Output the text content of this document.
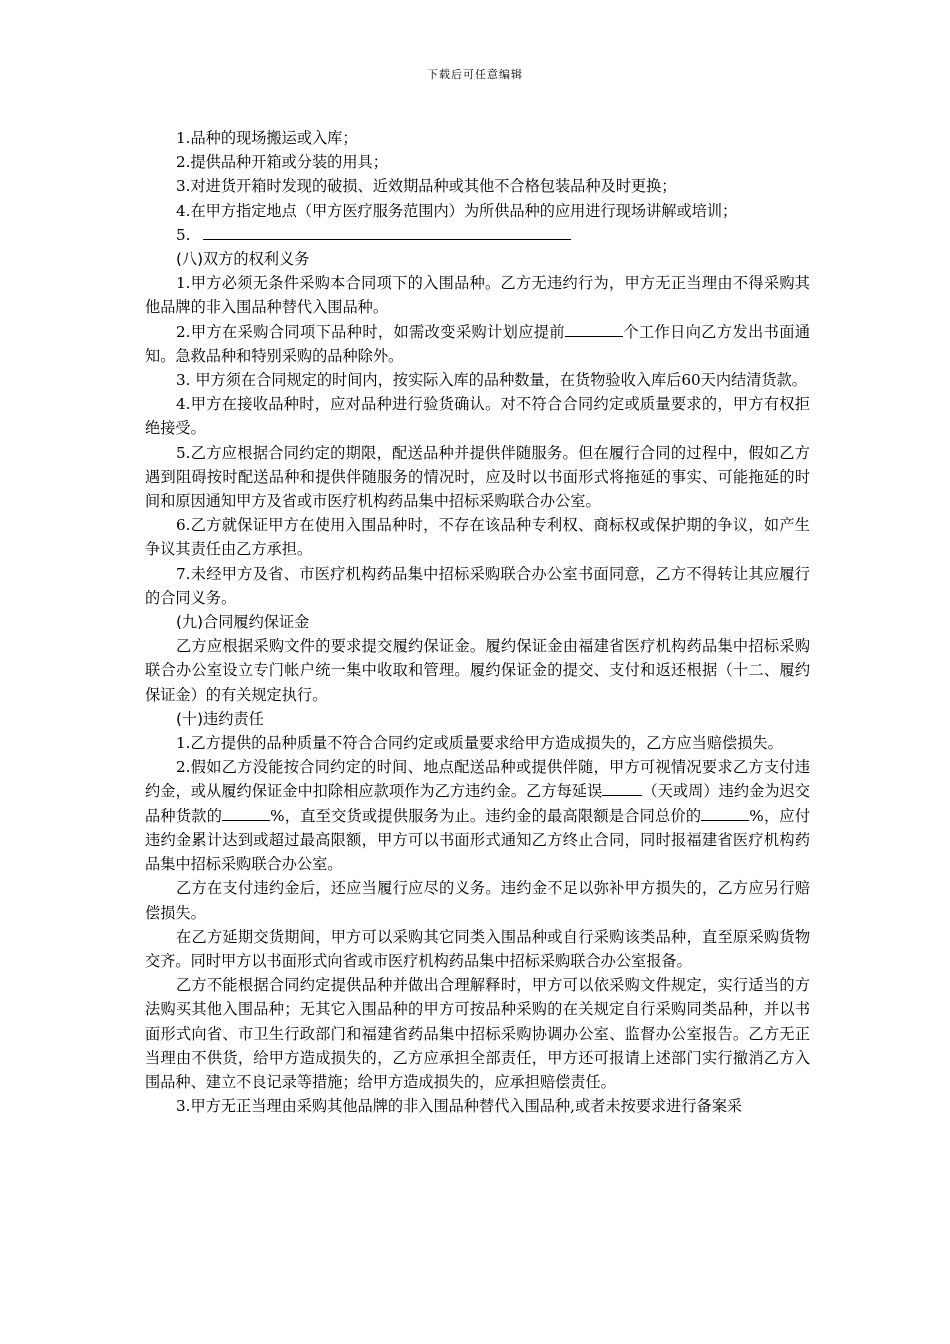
下载后可任意编辑

1.品种的现场搬运或入库；

2.提供品种开箱或分装的用具；

3.对进货开箱时发现的破损、近效期品种或其他不合格包装品种及时更换；

4.在甲方指定地点（甲方医疗服务范围内）为所供品种的应用进行现场讲解或培训；

5.

(八)双方的权利义务

1.甲方必须无条件采购本合同项下的入围品种。乙方无违约行为，甲方无正当理由不得采购其他品牌的非入围品种替代入围品种。

2.甲方在采购合同项下品种时，如需改变采购计划应提前	个工作日向乙方发出书面通知。急救品种和特别采购的品种除外。

3. 甲方须在合同规定的时间内，按实际入库的品种数量，在货物验收入库后60天内结清货款。

4.甲方在接收品种时，应对品种进行验货确认。对不符合合同约定或质量要求的，甲方有权拒绝接受。

5.乙方应根据合同约定的期限，配送品种并提供伴随服务。但在履行合同的过程中，假如乙方遇到阻碍按时配送品种和提供伴随服务的情况时，应及时以书面形式将拖延的事实、可能拖延的时间和原因通知甲方及省或市医疗机构药品集中招标采购联合办公室。

6.乙方就保证甲方在使用入围品种时，不存在该品种专利权、商标权或保护期的争议，如产生争议其责任由乙方承担。

7.未经甲方及省、市医疗机构药品集中招标采购联合办公室书面同意，乙方不得转让其应履行的合同义务。

(九)合同履约保证金

乙方应根据采购文件的要求提交履约保证金。履约保证金由福建省医疗机构药品集中招标采购联合办公室设立专门帐户统一集中收取和管理。履约保证金的提交、支付和返还根据（十二、履约保证金）的有关规定执行。

(十)违约责任

1.乙方提供的品种质量不符合合同约定或质量要求给甲方造成损失的，乙方应当赔偿损失。

2.假如乙方没能按合同约定的时间、地点配送品种或提供伴随，甲方可视情况要求乙方支付违约金，或从履约保证金中扣除相应款项作为乙方违约金。乙方每延误	（天或周）违约金为迟交品种货款的	%，直至交货或提供服务为止。违约金的最高限额是合同总价的	%，应付违约金累计达到或超过最高限额，甲方可以书面形式通知乙方终止合同，同时报福建省医疗机构药品集中招标采购联合办公室。

乙方在支付违约金后，还应当履行应尽的义务。违约金不足以弥补甲方损失的，乙方应另行赔偿损失。

在乙方延期交货期间，甲方可以采购其它同类入围品种或自行采购该类品种，直至原采购货物交齐。同时甲方以书面形式向省或市医疗机构药品集中招标采购联合办公室报备。

乙方不能根据合同约定提供品种并做出合理解释时，甲方可以依采购文件规定，实行适当的方法购买其他入围品种；无其它入围品种的甲方可按品种采购的在关规定自行采购同类品种，并以书面形式向省、市卫生行政部门和福建省药品集中招标采购协调办公室、监督办公室报告。乙方无正当理由不供货，给甲方造成损失的，乙方应承担全部责任，甲方还可报请上述部门实行撤消乙方入围品种、建立不良记录等措施；给甲方造成损失的，应承担赔偿责任。

3.甲方无正当理由采购其他品牌的非入围品种替代入围品种,或者未按要求进行备案采
